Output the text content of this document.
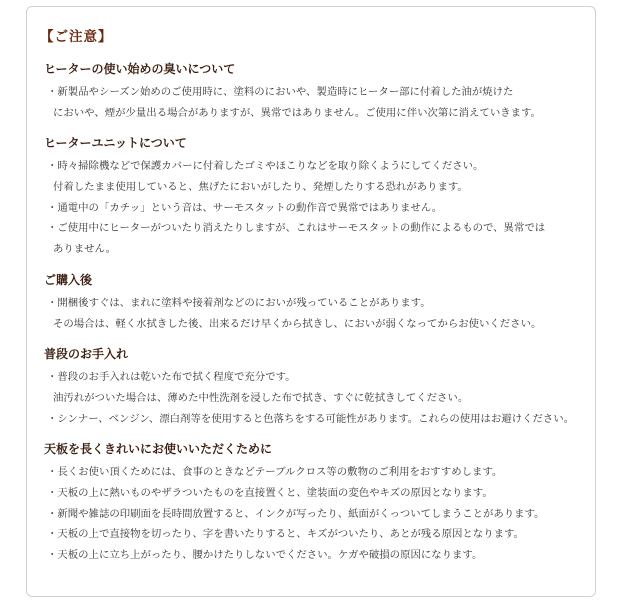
【ご注意】
ヒーターの使い始めの臭いについて
・新製品やシーズン始めのご使用時に、塗料のにおいや、製造時にヒーター部に付着した油が焼けた
においや、煙が少量出る場合がありますが、異常ではありません。ご使用に伴い次第に消えていきます。
ヒーターユニットについて
・時々掃除機などで保護カバーに付着したゴミやほこりなどを取り除くようにしてください。
付着したまま使用していると、焦げたにおいがしたり、発煙したりする恐れがあります。
・通電中の「カチッ」という音は、サーモスタットの動作音で異常ではありません。
・ご使用中にヒーターがついたり消えたりしますが、これはサーモスタットの動作によるもので、異常では
ありません。
ご購入後
・開梱後すぐは、まれに塗料や接着剤などのにおいが残っていることがあります。
その場合は、軽く水拭きした後、出来るだけ早くから拭きし、においが弱くなってからお使いください。
普段のお手入れ
・普段のお手入れは乾いた布で拭く程度で充分です。
油汚れがついた場合は、薄めた中性洗剤を浸した布で拭き、すぐに乾拭きしてください。
・シンナー、ベンジン、漂白剤等を使用すると色落ちをする可能性があります。これらの使用はお避けください。
天板を長くきれいにお使いいただくために
・長くお使い頂くためには、食事のときなどテーブルクロス等の敷物のご利用をおすすめします。
・天板の上に熱いものやザラついたものを直接置くと、塗装面の変色やキズの原因となります。
・新聞や雑誌の印刷面を長時間放置すると、インクが写ったり、紙面がくっついてしまうことがあります。
・天板の上で直接物を切ったり、字を書いたりすると、キズがついたり、あとが残る原因となります。
・天板の上に立ち上がったり、腰かけたりしないでください。ケガや破損の原因になります。
